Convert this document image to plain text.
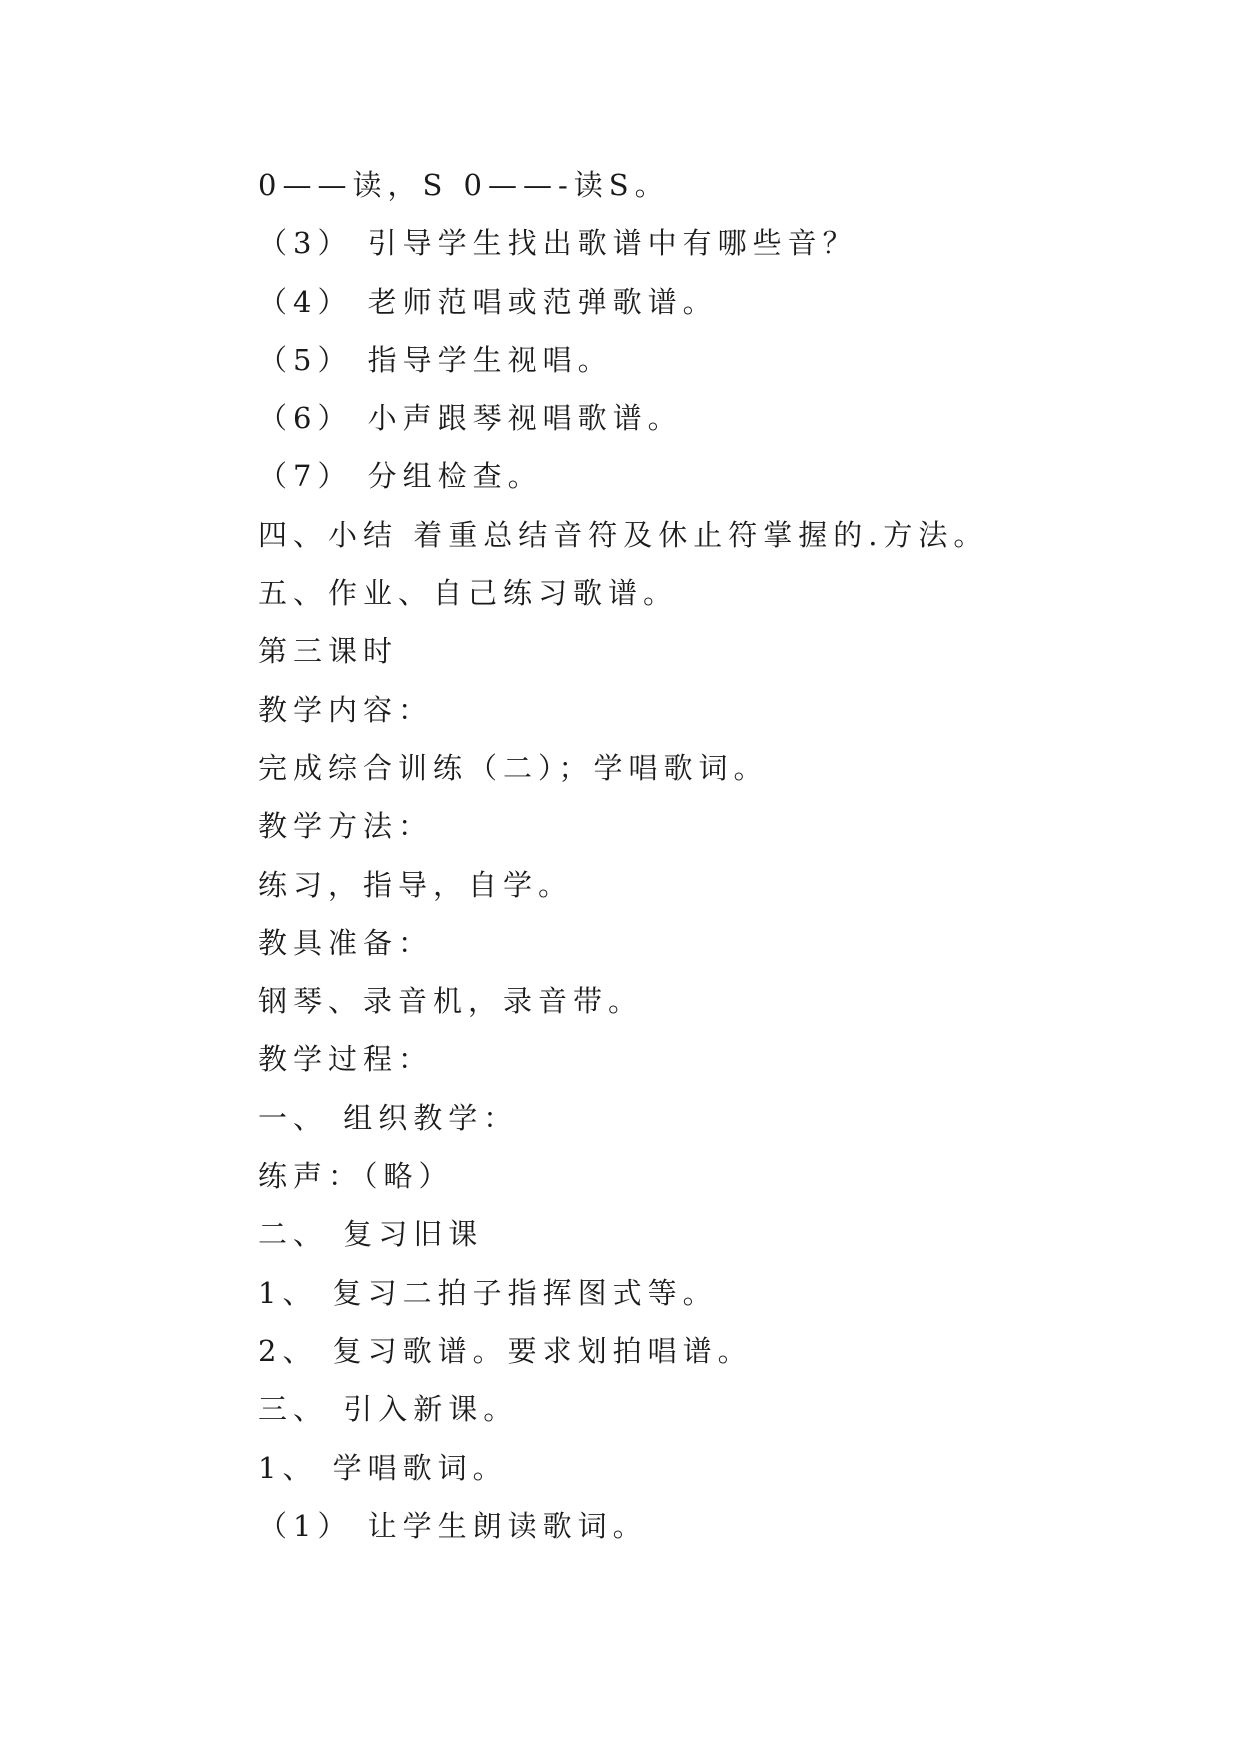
0——读，S 0——-读S。
（3） 引导学生找出歌谱中有哪些音？
（4） 老师范唱或范弹歌谱。
（5） 指导学生视唱。
（6） 小声跟琴视唱歌谱。
（7） 分组检查。
四、小结 着重总结音符及休止符掌握的.方法。
五、作业、自己练习歌谱。
第三课时
教学内容：
完成综合训练（二）；学唱歌词。
教学方法：
练习，指导，自学。
教具准备：
钢琴、录音机，录音带。
教学过程：
一、 组织教学：
练声：（略）
二、 复习旧课
1、 复习二拍子指挥图式等。
2、 复习歌谱。要求划拍唱谱。
三、 引入新课。
1、 学唱歌词。
（1） 让学生朗读歌词。
